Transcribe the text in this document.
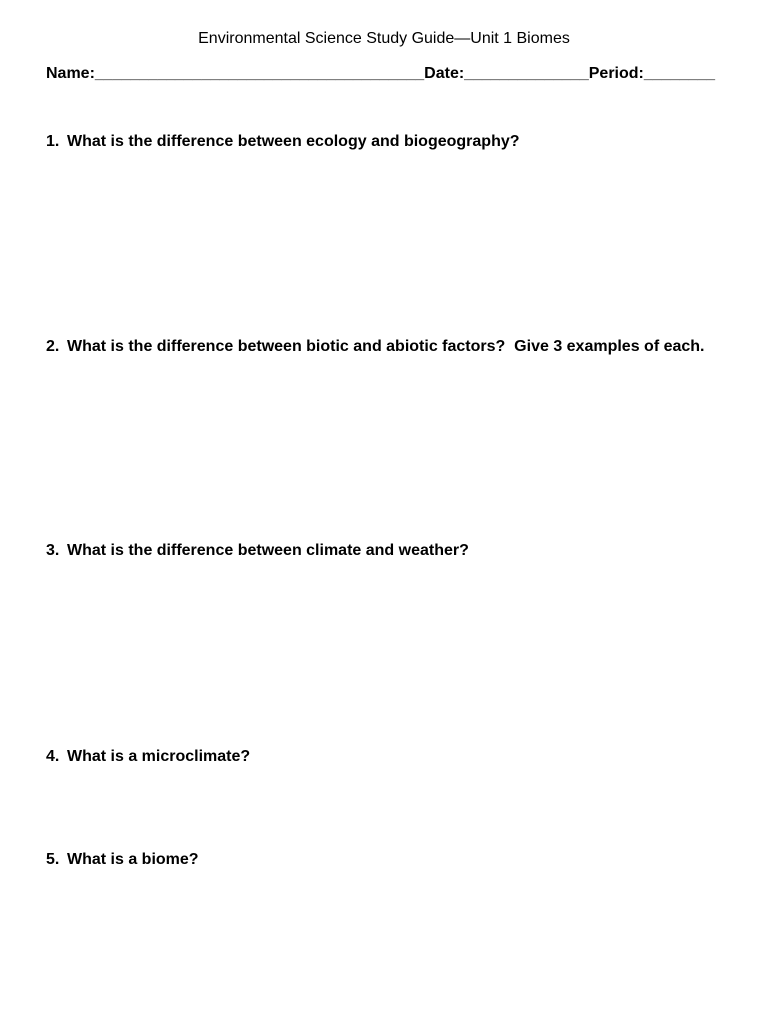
Environmental Science Study Guide—Unit 1 Biomes
Name:_____________________________________Date:______________Period:________
1. What is the difference between ecology and biogeography?
2. What is the difference between biotic and abiotic factors?  Give 3 examples of each.
3. What is the difference between climate and weather?
4. What is a microclimate?
5. What is a biome?
